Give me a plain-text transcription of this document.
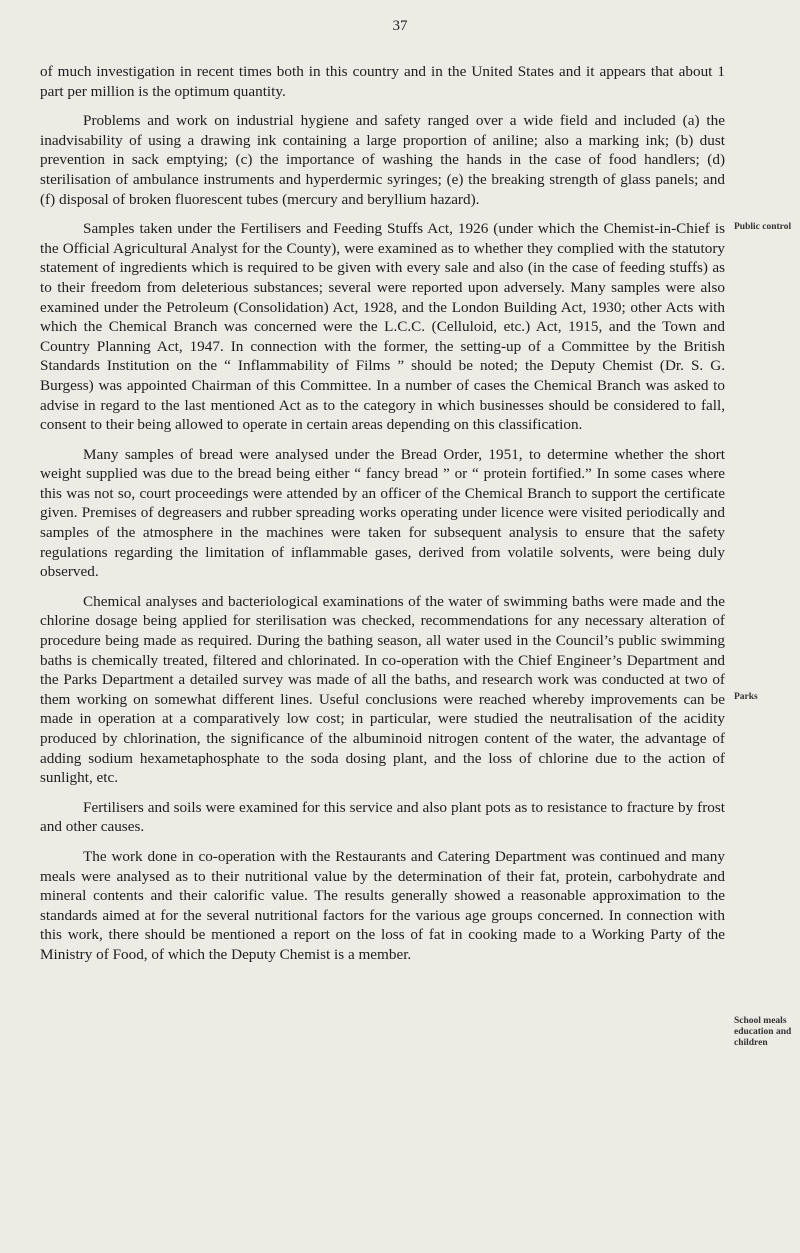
37

of much investigation in recent times both in this country and in the United States and it appears that about 1 part per million is the optimum quantity.

Problems and work on industrial hygiene and safety ranged over a wide field and included (a) the inadvisability of using a drawing ink containing a large proportion of aniline; also a marking ink; (b) dust prevention in sack emptying; (c) the importance of washing the hands in the case of food handlers; (d) sterilisation of ambulance instruments and hyperdermic syringes; (e) the breaking strength of glass panels; and (f) disposal of broken fluorescent tubes (mercury and beryllium hazard).

Samples taken under the Fertilisers and Feeding Stuffs Act, 1926 (under which the Chemist-in-Chief is the Official Agricultural Analyst for the County), were examined as to whether they complied with the statutory statement of ingredients which is required to be given with every sale and also (in the case of feeding stuffs) as to their freedom from deleterious substances; several were reported upon adversely. Many samples were also examined under the Petroleum (Consolidation) Act, 1928, and the London Building Act, 1930; other Acts with which the Chemical Branch was concerned were the L.C.C. (Celluloid, etc.) Act, 1915, and the Town and Country Planning Act, 1947. In connection with the former, the setting-up of a Committee by the British Standards Institution on the “ Inflammability of Films ” should be noted; the Deputy Chemist (Dr. S. G. Burgess) was appointed Chairman of this Committee. In a number of cases the Chemical Branch was asked to advise in regard to the last mentioned Act as to the category in which businesses should be considered to fall, consent to their being allowed to operate in certain areas depending on this classification.

Many samples of bread were analysed under the Bread Order, 1951, to determine whether the short weight supplied was due to the bread being either “ fancy bread ” or “ protein fortified.” In some cases where this was not so, court proceedings were attended by an officer of the Chemical Branch to support the certificate given. Premises of degreasers and rubber spreading works operating under licence were visited periodically and samples of the atmosphere in the machines were taken for subsequent analysis to ensure that the safety regulations regarding the limitation of inflammable gases, derived from volatile solvents, were being duly observed.

Chemical analyses and bacteriological examinations of the water of swimming baths were made and the chlorine dosage being applied for sterilisation was checked, recommendations for any necessary alteration of procedure being made as required. During the bathing season, all water used in the Council’s public swimming baths is chemically treated, filtered and chlorinated. In co-operation with the Chief Engineer’s Department and the Parks Department a detailed survey was made of all the baths, and research work was conducted at two of them working on somewhat different lines. Useful conclusions were reached whereby improvements can be made in operation at a comparatively low cost; in particular, were studied the neutralisation of the acidity produced by chlorination, the significance of the albuminoid nitrogen content of the water, the advantage of adding sodium hexametaphosphate to the soda dosing plant, and the loss of chlorine due to the action of sunlight, etc.

Fertilisers and soils were examined for this service and also plant pots as to resistance to fracture by frost and other causes.

The work done in co-operation with the Restaurants and Catering Department was continued and many meals were analysed as to their nutritional value by the determination of their fat, protein, carbohydrate and mineral contents and their calorific value. The results generally showed a reasonable approximation to the standards aimed at for the several nutritional factors for the various age groups concerned. In connection with this work, there should be mentioned a report on the loss of fat in cooking made to a Working Party of the Ministry of Food, of which the Deputy Chemist is a member.

Public control
Parks
School meals education and children
